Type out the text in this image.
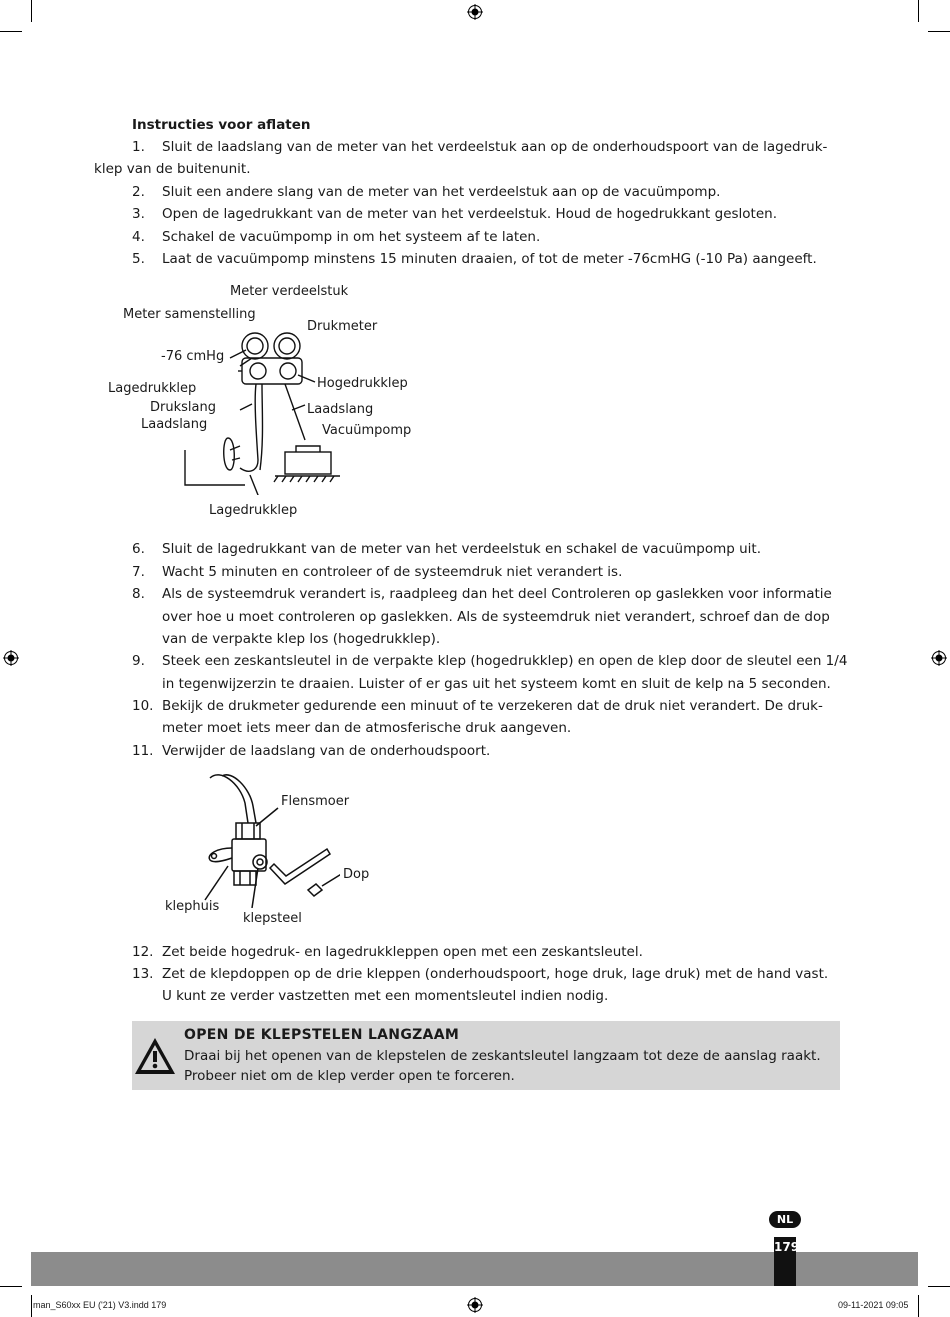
Instructies voor aflaten
1. Sluit de laadslang van de meter van het verdeelstuk aan op de onderhoudspoort van de lagedruk-
klep van de buitenunit.
2. Sluit een andere slang van de meter van het verdeelstuk aan op de vacuümpomp.
3. Open de lagedrukkant van de meter van het verdeelstuk. Houd de hogedrukkant gesloten.
4. Schakel de vacuümpomp in om het systeem af te laten.
5. Laat de vacuümpomp minstens 15 minuten draaien, of tot de meter -76cmHG (-10 Pa) aangeeft.
Meter verdeelstuk
Meter samenstelling
Drukmeter
-76 cmHg
Lagedrukklep	Hogedrukklep
Drukslang	Laadslang
Laadslang	Vacuümpomp
Lagedrukklep
6. Sluit de lagedrukkant van de meter van het verdeelstuk en schakel de vacuümpomp uit.
7. Wacht 5 minuten en controleer of de systeemdruk niet verandert is.
8. Als de systeemdruk verandert is, raadpleeg dan het deel Controleren op gaslekken voor informatie
over hoe u moet controleren op gaslekken. Als de systeemdruk niet verandert, schroef dan de dop
van de verpakte klep los (hogedrukklep).
9. Steek een zeskantsleutel in de verpakte klep (hogedrukklep) en open de klep door de sleutel een 1/4
in tegenwijzerzin te draaien. Luister of er gas uit het systeem komt en sluit de kelp na 5 seconden.
10. Bekijk de drukmeter gedurende een minuut of te verzekeren dat de druk niet verandert. De druk-
meter moet iets meer dan de atmosferische druk aangeven.
11. Verwijder de laadslang van de onderhoudspoort.
Flensmoer
Dop
klephuis
klepsteel
12. Zet beide hogedruk- en lagedrukkleppen open met een zeskantsleutel.
13. Zet de klepdoppen op de drie kleppen (onderhoudspoort, hoge druk, lage druk) met de hand vast.
U kunt ze verder vastzetten met een momentsleutel indien nodig.
OPEN DE KLEPSTELEN LANGZAAM
Draai bij het openen van de klepstelen de zeskantsleutel langzaam tot deze de aanslag raakt.
Probeer niet om de klep verder open te forceren.
NL
179
man_S60xx EU ('21) V3.indd 179	09-11-2021 09:05
